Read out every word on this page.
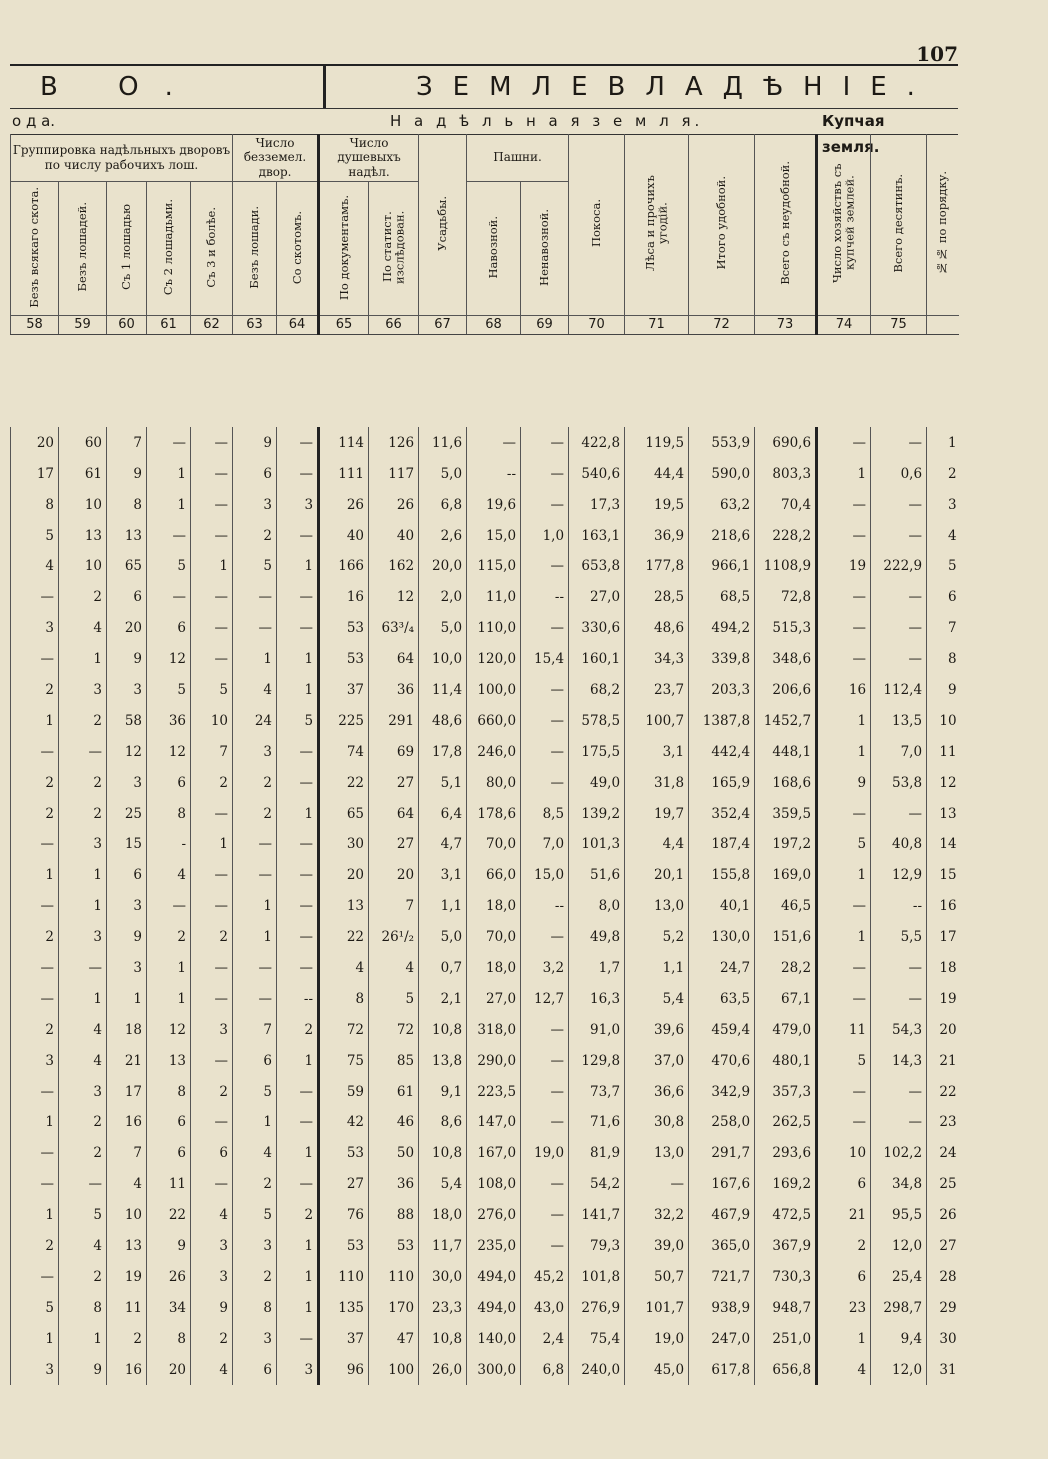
107
В О.	ЗЕМЛЕВЛАДѢНІЕ.
о д а.	Н а д ѣ л ь н а я з е м л я.	Купчая земля.
Группировка надѣльныхъ дворовъ по числу рабочихъ лош.					Число безземел. двор.		Число душевыхъ надѣл.		Усадьбы.	Пашни.		Покоса.	Лѣса и прочихъ угодій.	Итого удобной.	Всего съ неудобной.	Число хозяйствъ съ купчей землей.	Всего десятинъ.	№№ по порядку.
Безъ всякаго скота.	Безъ лошадей.	Съ 1 лошадью	Съ 2 лошадьми.	Съ 3 и болѣе.	Безъ лошади.	Со скотомъ.	По документамъ.	По статист. изслѣдован.		Навозной.	Ненавозной.							
58	59	60	61	62	63	64	65	66	67	68	69	70	71	72	73	74	75	

20	60	7	—	—	9	—	114	126	11,6	—	—	422,8	119,5	553,9	690,6	—	—	1
17	61	9	1	—	6	—	111	117	5,0	--	—	540,6	44,4	590,0	803,3	1	0,6	2
8	10	8	1	—	3	3	26	26	6,8	19,6	—	17,3	19,5	63,2	70,4	—	—	3
5	13	13	—	—	2	—	40	40	2,6	15,0	1,0	163,1	36,9	218,6	228,2	—	—	4
4	10	65	5	1	5	1	166	162	20,0	115,0	—	653,8	177,8	966,1	1108,9	19	222,9	5
—	2	6	—	—	—	—	16	12	2,0	11,0	--	27,0	28,5	68,5	72,8	—	—	6
3	4	20	6	—	—	—	53	63³/₄	5,0	110,0	—	330,6	48,6	494,2	515,3	—	—	7
—	1	9	12	—	1	1	53	64	10,0	120,0	15,4	160,1	34,3	339,8	348,6	—	—	8
2	3	3	5	5	4	1	37	36	11,4	100,0	—	68,2	23,7	203,3	206,6	16	112,4	9
1	2	58	36	10	24	5	225	291	48,6	660,0	—	578,5	100,7	1387,8	1452,7	1	13,5	10
—	—	12	12	7	3	—	74	69	17,8	246,0	—	175,5	3,1	442,4	448,1	1	7,0	11
2	2	3	6	2	2	—	22	27	5,1	80,0	—	49,0	31,8	165,9	168,6	9	53,8	12
2	2	25	8	—	2	1	65	64	6,4	178,6	8,5	139,2	19,7	352,4	359,5	—	—	13
—	3	15	-	1	—	—	30	27	4,7	70,0	7,0	101,3	4,4	187,4	197,2	5	40,8	14
1	1	6	4	—	—	—	20	20	3,1	66,0	15,0	51,6	20,1	155,8	169,0	1	12,9	15
—	1	3	—	—	1	—	13	7	1,1	18,0	--	8,0	13,0	40,1	46,5	—	--	16
2	3	9	2	2	1	—	22	26¹/₂	5,0	70,0	—	49,8	5,2	130,0	151,6	1	5,5	17
—	—	3	1	—	—	—	4	4	0,7	18,0	3,2	1,7	1,1	24,7	28,2	—	—	18
—	1	1	1	—	—	--	8	5	2,1	27,0	12,7	16,3	5,4	63,5	67,1	—	—	19
2	4	18	12	3	7	2	72	72	10,8	318,0	—	91,0	39,6	459,4	479,0	11	54,3	20
3	4	21	13	—	6	1	75	85	13,8	290,0	—	129,8	37,0	470,6	480,1	5	14,3	21
—	3	17	8	2	5	—	59	61	9,1	223,5	—	73,7	36,6	342,9	357,3	—	—	22
1	2	16	6	—	1	—	42	46	8,6	147,0	—	71,6	30,8	258,0	262,5	—	—	23
—	2	7	6	6	4	1	53	50	10,8	167,0	19,0	81,9	13,0	291,7	293,6	10	102,2	24
—	—	4	11	—	2	—	27	36	5,4	108,0	—	54,2	—	167,6	169,2	6	34,8	25
1	5	10	22	4	5	2	76	88	18,0	276,0	—	141,7	32,2	467,9	472,5	21	95,5	26
2	4	13	9	3	3	1	53	53	11,7	235,0	—	79,3	39,0	365,0	367,9	2	12,0	27
—	2	19	26	3	2	1	110	110	30,0	494,0	45,2	101,8	50,7	721,7	730,3	6	25,4	28
5	8	11	34	9	8	1	135	170	23,3	494,0	43,0	276,9	101,7	938,9	948,7	23	298,7	29
1	1	2	8	2	3	—	37	47	10,8	140,0	2,4	75,4	19,0	247,0	251,0	1	9,4	30
3	9	16	20	4	6	3	96	100	26,0	300,0	6,8	240,0	45,0	617,8	656,8	4	12,0	31
